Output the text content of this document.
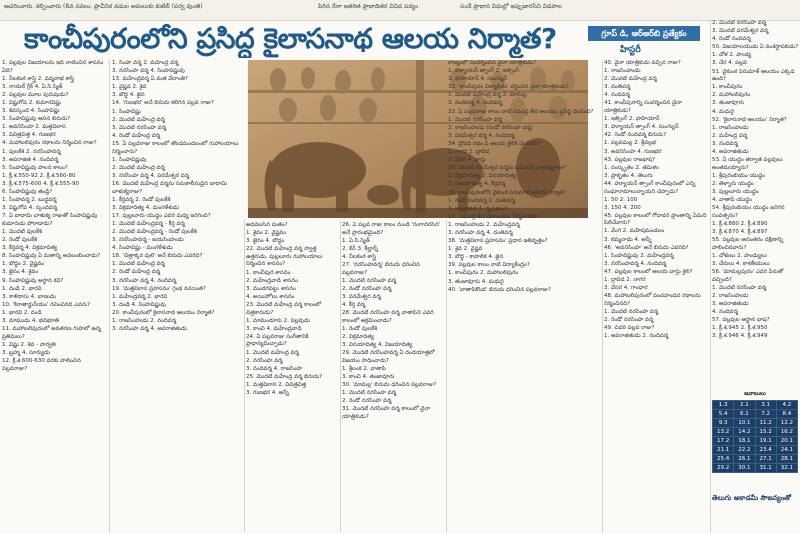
ఆచరించారు. కల్పించారు (8వ నవలు, ప్రాచీనిక వడుల అమలుకు కుటిలీ (పర్వ వుంతి)	పిరిన రేనా ఇతరిత ప్రాధాదితర వివిధ పద్యం	సందే ప్రాధాన విధుల్లో ఇప్పుడారసిని విడపాల
కాంచీపురంలోని ప్రసిద్ధ కైలాసనాథ ఆలయ నిర్మాత?	గ్రూప్ డి, ఆర్‌ఆర్‌బి ప్రత్యేకం
హిస్టరీ

1. పల్లవుల విజయాలను ఇది నాటించిన శాసనం ఏది?

1. నీలకంఠ శాస్త్రి 2. పద్మనాభ శాస్త్రి

3. రాయల్ గ్రీక్ 4. ఏ.సి.స్మిత్

2. పల్లవుల మూల పురుషుడు?

1. విష్ణుగోప 2. కుమారవిష్ణు

3. శివస్కంద 4. సింహవిష్ణు

3. సింహవిష్ణువు ఆసన బిరుదు?

1. అవనిసింహ 2. మత్తవిలాస

3. విచిత్రచిత్త 4. గుణభర

4. మహాబలిపురం రథాలను నిర్మించిన రాజు?

1. పులకేశి 2. నరసింహవర్మ

3. అపరాజిత 4. నందివర్మ

5. సింహవిష్ణువు పాలన కాలం?

1. క్రీ.శ.550-92 2. క్రీ.శ.560-80

3. క్రీ.శ.575-600 4. క్రీ.శ.555-90

6. సింహవిష్ణువు తండ్రి?

1. సింహవర్మ 2. బుద్ధవర్మ

3. విష్ణుగోప 4. స్కందవర్మ

7. ఏ బాదామి చాళుక్య రాజుతో సింహవిష్ణువు కుమారుడు పోరాడాడు?

1. మొదటి పులకేశి

2. రెండో పులకేశి

3. కీర్తివర్మ 4. విక్రమాదిత్య

8. సింహవిష్ణువు ఏ మతాన్ని అవలంబించాడు?

1. బౌద్ధం 2. వైష్ణవం

3. జైనం 4. శైవం

9. సింహవిష్ణువు ఆస్థాన కవి?

1. దండి 2. భారవి

3. కాళిదాసు 4. బాణుడు

10. 'కిరాతార్జునీయం' రచించినది ఎవరు?

1. భారవి 2. దండి

3. మాఘుడు 4. భవభూతి

11. మహాబలిపురంలో అవతరణ గుహలో ఉన్న ప్రతిమలు?

1. విష్ణు 2. శివ - పార్వతి

3. బ్రహ్మ 4. సూర్యుడు

12. క్రీ.శ.600-630 వరకు పాలించిన పల్లవరాజు?

1. సింహ వర్మ 2. మహేంద్ర వర్మ

3. నరసింహ వర్మ 4. సింహవిష్ణువు

13. మహేంద్రవర్మ ఏ మత వేదాంతి?

1. వైష్ణవ 2. శైవ

3. బౌద్ధ 4. జైన

14. 'గుణభర' అనే బిరుదు కలిగిన పల్లవ రాజు?

1. సింహవిష్ణు

2. మొదటి మహేంద్ర వర్మ

3. మొదటి నరసింహ వర్మ

4. రెండో మహేంద్ర వర్మ

15. ఏ పల్లవరాజు కాలంలో తొండమండలంలో గుహాలయాలు నిర్మించారు?

1. సింహవిష్ణువు

2. మొదటి మహేంద్ర వర్మ

3. నరసింహ వర్మ 4. పరమేశ్వర వర్మ

16. మొదటి మహేంద్ర వర్మను సమకాలీనుడైన బాదామి చాళుక్యరాజు?

1. కీర్తివర్మ 2. రెండో పులకేశి

3. విక్రమాదిత్య 4. మంగళేశుడు

17. పుల్లలూరు యుద్ధం ఎవరి మధ్య జరిగింది?

1. మొదటి మహేంద్రవర్మ - కీర్తి వర్మ

2. మొదటి మహేంద్రవర్మ - రెండో పులకేశి

3. నరసింహవర్మ - జయసింహుడు

4. సింహవిష్ణు - మంగళేశుడు

18. 'చిత్రాక్కర పులి' అనే బిరుదు ఎవరిది?

1. మొదటి మహేంద్ర వర్మ

2. రెండో మహేంద్ర వర్మ

3. నరసింహ వర్మ 4. నందివర్మ

19. 'మత్తవిలాస ప్రహసనం' గ్రంథ రచయిత?

1. మహేంద్రవర్మ 2. భారవి

3. దండి 4. సింహవిష్ణువు

20. కాంచీపురంలో కైలాసనాథ ఆలయం నిర్మాత?

1. రాజసింహుడు 2. నందివర్మ

3. నరసింహ వర్మ 4. అపరాజితుడు

ఆడవలసిన మతం?

1. శైవం 2. వైష్ణవం

3. జైనం 4. బౌద్ధం

22. మొదటి మహేంద్ర వర్మ స్వాత్త ఉత్తరుడు, పుల్లలూరు గుహాలయాలు నిర్మించిన శాసనం?

1. కాంచీపుర శాసనం

2. మహేంద్రవాడి శాసనం

3. మండగపట్టు శాసనం

4. అయిహోలు శాసనం

23. మొదటి మహేంద్ర వర్మ కాలంలో చిత్రకారుడు?

1. మామండూరు 2. పల్లవుడు

3. కాంచి 4. మహేంద్రవాడి

24. ఏ పల్లవరాజు సంగీతానికి ప్రాధాన్యమిచ్చాడు?

1. మొదటి మహేంద్ర వర్మ

2. నరసింహ వర్మ

3. నందివర్మ 4. రాజసింహ

25. మొదటి మహేంద్ర వర్మ బిరుదు?

1. మత్తవిలాస 2. విచిత్రచిత్త

3. గుణభర 4. అన్నీ

26. ఏ పల్లవ రాజు కాలం నుండి 'గంగాదరసేన' అనే ప్రారంభమైంది?

1. ఏ.సి.స్మిత్

2. కేన్ 3. కీల్హార్న్

4. నీలకంఠ శాస్త్రి

27. 'నరసింహవర్మ' బిరుదు ధరించిన పల్లవరాజు?

1. మొదటి నరసింహ వర్మ

2. రెండో నరసింహ వర్మ

3. పరమేశ్వర వర్మ

4. కీర్తి వర్మ

28. మొదటి నరసింహ వర్మ వాతాపిని ఎవరి కాలంలో ఆక్రమించాడు?

1. రెండో పులకేశి

2. విక్రమాదిత్య

3. వినయాదిత్య 4. విజయాదిత్య

29. మొదటి నరసింహవర్మ ఏ దండయాత్రలో విజయం సాధించాడు?

1. శ్రీలంక 2. వాతాపి

3. కాంచి 4. తంజావూరు

30. 'మామల్ల' బిరుదు ధరించిన పల్లవరాజు?

1. మొదటి నరసింహ వర్మ

2. రెండో నరసింహ వర్మ

31. మొదటి నరసింహ వర్మ కాలంలో చైనా యాత్రికుడు?

రాజ్యంలో సందర్శించిన చైనా యాత్రికుడు?

1. హ్యూయన్ త్సాంగ్ 2. ఇత్సింగ్

3. ఫాహియాన్ 4. సుంగ్యున్

32. 'కాంచీపురం విద్యాపీఠం' వర్ణించిన చైనా యాత్రికుడు?

1. మొదటి మహేంద్ర వర్మ 2. మామల్ల

3. దంతివర్మ 4. నందివర్మ

33. ఏ పల్లవరాజు కాలం నాటి సముద్ర తీర ఆలయం ప్రసిద్ధి చెందింది?

1. మొదటి నరసింహ వర్మ

2. రాజసింహుడు (రెండో నరసింహ వర్మ)

3. పరమేశ్వర వర్మ 4. నందివర్మ

34. ద్రౌపది రథం ఏ ఆలయ శైలికి చెందినది?

1. నాగర 2. ద్రావిడ

3. వేసర 4. వాస్తు

35. మొదటి పరమేశ్వర వర్మను ఓడించిన చాళుక్యరాజు?

1. విక్రమాదిత్య 2. వినయాదిత్య

3. విజయాదిత్య 4. కీర్తివర్మ

36. కాంచీపురంలోని వైకుంఠ పెరుమాళ్ ఆలయ నిర్మాత?

1. రెండో నందివర్మ 2. దంతివర్మ

3. అపరాజిత 4. నృపతుంగ

37. 'సముద్ర తీర దేవాలయం' నిర్మించినది?

1. రాజసింహుడు 2. మహేంద్రవర్మ

3. నరసింహ వర్మ 4. దంతివర్మ

38. 'మత్తవిలాస ప్రహసనం' ప్రధాన ఇతివృత్తం?

1. శైవ 2. వైష్ణవ

3. బౌద్ధ - కాపాలిక 4. జైన

39. పల్లవుల కాలం నాటి విద్యాకేంద్రం?

1. కాంచీపురం 2. మహాబలిపురం

3. తంజావూరు 4. మధురై

40. 'వాతాపికొండ' బిరుదు ధరించిన పల్లవరాజు?

40. వైనా యాత్రికుడు వచ్చిన రాజు?

1. రాజసింహుడు

2. మొదటి మహేంద్ర వర్మ

3. దంతివర్మ

4. నందివర్మ

41. కాంచీపురాన్ని సందర్శించిన చైనా యాత్రికుడు?

1. ఇత్సింగ్ 2. ఫాహియాన్

3. హ్యూయన్ త్సాంగ్ 4. సుంగ్యున్

42. రెండో నందివర్మ బిరుదు?

1. పల్లవమల్ల 2. శ్రీవల్లభ

3. అవనిసింహ 4. గుణభర

43. పల్లవుల రాజభాష?

1. సంస్కృతం 2. తమిళం

3. ప్రాకృతం 4. తెలుగు

44. హ్యూయన్ త్సాంగ్ కాంచీపురంలో ఎన్ని సంఘారామాలున్నాయని చెప్పాడు?

1. 50 2. 100

3. 150 4. 200

45. పల్లవుల కాలంలో గోదావరి ప్రాంతాన్ని ఏమని పిలిచేవారు?

1. వేంగి 2. మహిషమండలం

3. కమ్మనాడు 4. అన్నీ

46. 'అవనిసింహ' అనే బిరుదు ఎవరిది?

1. సింహవిష్ణువు 2. మహేంద్రవర్మ

3. నరసింహవర్మ 4. నందివర్మ

47. పల్లవుల కాలంలో ఆలయ వాస్తు శైలి?

1. ద్రావిడ 2. నాగర

3. వేసర 4. గాంధార

48. మహాబలిపురంలో పంచపాండవ రథాలను నిర్మించినది?

1. మొదటి నరసింహ వర్మ

2. రెండో నరసింహ వర్మ

49. చివరి పల్లవ రాజు?

1. అపరాజితుడు 2. నందివర్మ

2. మొదటి నరసింహ వర్మ

3. మొదటి పరమేశ్వర వర్మ

4. రెండో నందివర్మ

50. విజయాలయుడు ఏ వంశస్థాపకుడు?

1. చోళ 2. పాండ్య

3. చేర 4. పల్లవ

51. వైకుంఠ పెరుమాళ్ ఆలయం ఎక్కడ ఉంది?

1. కాంచీపురం

2. మహాబలిపురం

3. తంజావూరు

4. మధురై

52. 'కైలాసనాథ ఆలయం' నిర్మాత?

1. రాజసింహుడు

2. మహేంద్ర వర్మ

3. నందివర్మ

4. అపరాజితుడు

53. ఏ యుద్ధం తర్వాత పల్లవులు అంతమయ్యారు?

1. శ్రీపురంబియం యుద్ధం

2. తెళ్ళారు యుద్ధం

3. పుల్లలూరు యుద్ధం

4. వాతాపి యుద్ధం

54. శ్రీపురంబియం యుద్ధం జరిగిన సంవత్సరం?

1. క్రీ.శ.880 2. క్రీ.శ.890

3. క్రీ.శ.870 4. క్రీ.శ.897

55. పల్లవుల అనంతరం దక్షిణాన్ని పాలించినవారు?

1. చోళులు 2. పాండ్యులు

3. చేరులు 4. కాకతీయులు

56. 'మామల్లపురం' ఎవరి పేరుతో వచ్చింది?

1. మొదటి నరసింహ వర్మ

2. రాజసింహుడు

3. అపరాజితుడు

4. నందివర్మ

57. పల్లవుల ఆస్థాన భాష?

1. క్రీ.శ.945 2. క్రీ.శ.950

3. క్రీ.శ.946 4. క్రీ.శ.949

జవాబులు
1.3	2.1	3.1	4.2
5.4	6.1	7.2	8.4
9.3	10.1	11.2	12.2
13.2	14.2	15.2	16.2
17.2	18.1	19.1	20.1
21.1	22.2	23.4	24.1
25.4	26.1	27.1	28.1
29.2	30.1	31.1	32.1
తెలుగు అకాడమీ సౌజన్యంతో
